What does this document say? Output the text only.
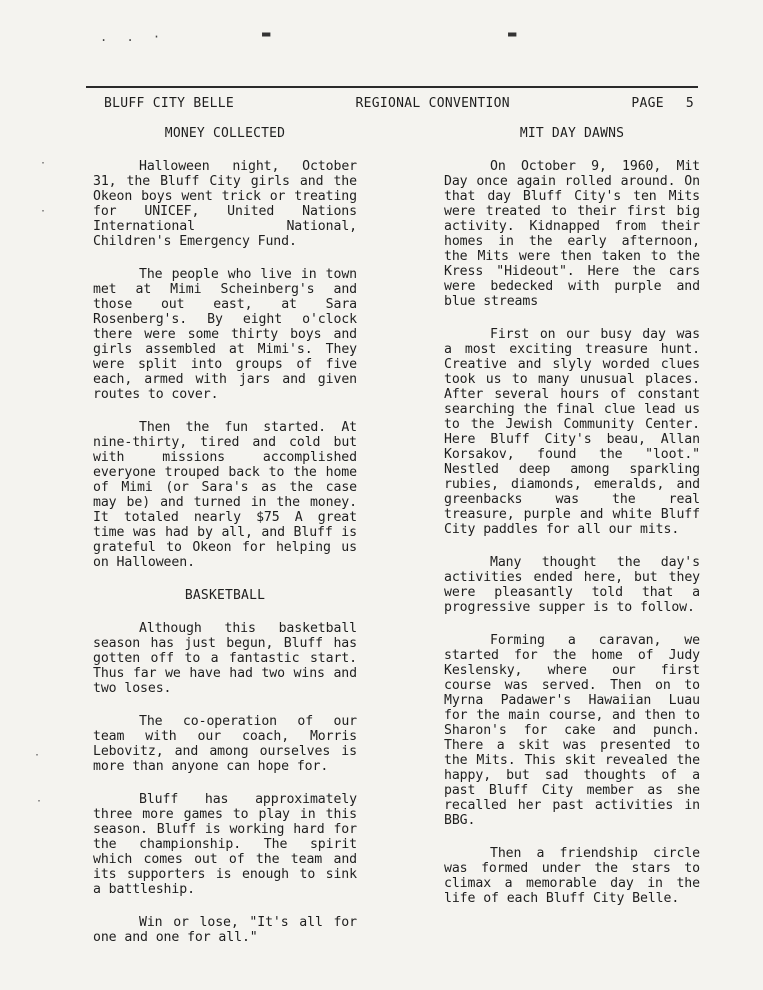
. . ·	▬	▬
·
·
·
·
BLUFF CITY BELLE	REGIONAL CONVENTION	PAGE 5
MONEY COLLECTED

Halloween night, October 31, the Bluff City girls and the Okeon boys went trick or treating for UNICEF, United Nations International National, Children's Emergency Fund.

The people who live in town met at Mimi Scheinberg's and those out east, at Sara Rosenberg's. By eight o'clock there were some thirty boys and girls assembled at Mimi's. They were split into groups of five each, armed with jars and given routes to cover.

Then the fun started. At nine-thirty, tired and cold but with missions accomplished everyone trouped back to the home of Mimi (or Sara's as the case may be) and turned in the money. It totaled nearly $75 A great time was had by all, and Bluff is grateful to Okeon for helping us on Halloween.

BASKETBALL

Although this basketball season has just begun, Bluff has gotten off to a fantastic start. Thus far we have had two wins and two loses.

The co-operation of our team with our coach, Morris Lebovitz, and among ourselves is more than anyone can hope for.

Bluff has approximately three more games to play in this season. Bluff is working hard for the championship. The spirit which comes out of the team and its supporters is enough to sink a battleship.

Win or lose, "It's all for one and one for all."

MIT DAY DAWNS

On October 9, 1960, Mit Day once again rolled around. On that day Bluff City's ten Mits were treated to their first big activity. Kidnapped from their homes in the early afternoon, the Mits were then taken to the Kress "Hideout". Here the cars were bedecked with purple and blue streams

First on our busy day was a most exciting treasure hunt. Creative and slyly worded clues took us to many unusual places. After several hours of constant searching the final clue lead us to the Jewish Community Center. Here Bluff City's beau, Allan Korsakov, found the "loot." Nestled deep among sparkling rubies, diamonds, emeralds, and greenbacks was the real treasure, purple and white Bluff City paddles for all our mits.

Many thought the day's activities ended here, but they were pleasantly told that a progressive supper is to follow.

Forming a caravan, we started for the home of Judy Keslensky, where our first course was served. Then on to Myrna Padawer's Hawaiian Luau for the main course, and then to Sharon's for cake and punch. There a skit was presented to the Mits. This skit revealed the happy, but sad thoughts of a past Bluff City member as she recalled her past activities in BBG.

Then a friendship circle was formed under the stars to climax a memorable day in the life of each Bluff City Belle.
